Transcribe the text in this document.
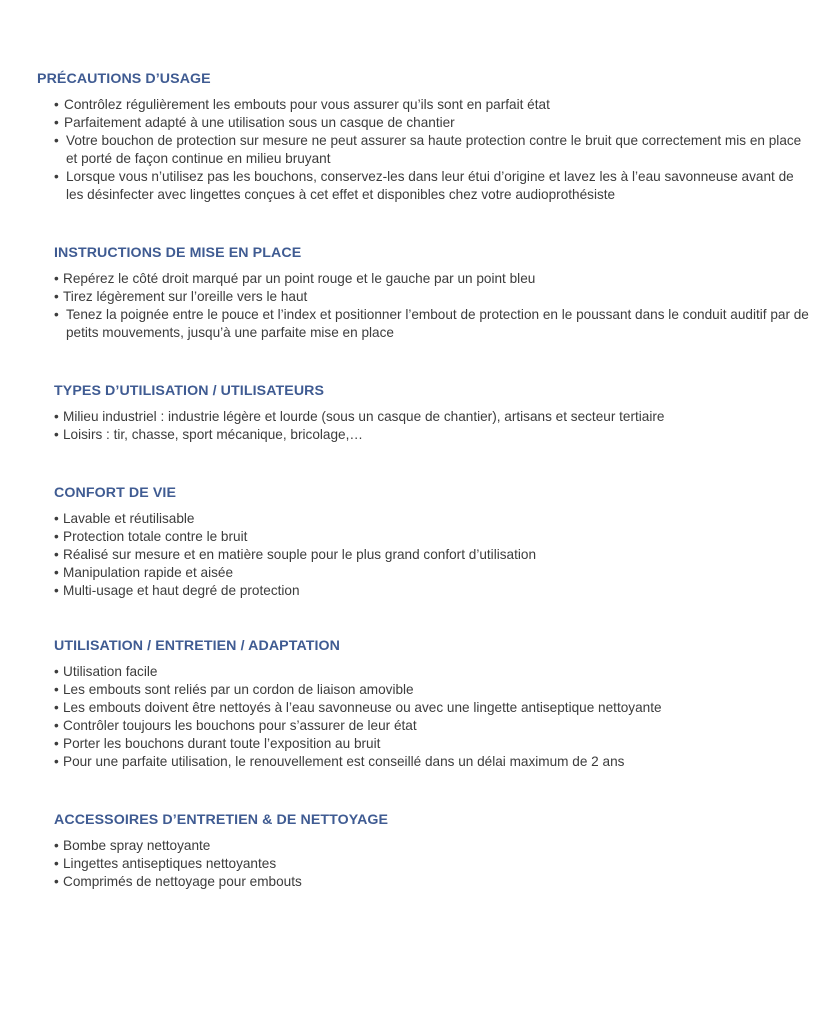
PRÉCAUTIONS D’USAGE
• Contrôlez régulièrement les embouts pour vous assurer qu’ils sont en parfait état
• Parfaitement adapté à une utilisation sous un casque de chantier
• Votre bouchon de protection sur mesure ne peut assurer sa haute protection contre le bruit que correctement mis en place et porté de façon continue en milieu bruyant
• Lorsque vous n’utilisez pas les bouchons, conservez-les dans leur étui d’origine et lavez les à l’eau savonneuse avant de les désinfecter avec lingettes conçues à cet effet et disponibles chez votre audioprothésiste
INSTRUCTIONS DE MISE EN PLACE
• Repérez le côté droit marqué par un point rouge et le gauche par un point bleu
• Tirez légèrement sur l’oreille vers le haut
• Tenez la poignée entre le pouce et l’index et positionner l’embout de protection en le poussant dans le conduit auditif par de petits mouvements, jusqu’à une parfaite mise en place
TYPES D’UTILISATION / UTILISATEURS
• Milieu industriel : industrie légère et lourde (sous un casque de chantier), artisans et secteur tertiaire
• Loisirs : tir, chasse, sport mécanique, bricolage,…
CONFORT DE VIE
• Lavable et réutilisable
• Protection totale contre le bruit
• Réalisé sur mesure et en matière souple pour le plus grand confort d’utilisation
• Manipulation rapide et aisée
• Multi-usage et haut degré de protection
UTILISATION / ENTRETIEN / ADAPTATION
• Utilisation facile
• Les embouts sont reliés par un cordon de liaison amovible
• Les embouts doivent être nettoyés à l’eau savonneuse ou avec une lingette antiseptique nettoyante
• Contrôler toujours les bouchons pour s’assurer de leur état
• Porter les bouchons durant toute l’exposition au bruit
• Pour une parfaite utilisation, le renouvellement est conseillé dans un délai maximum de 2 ans
ACCESSOIRES D’ENTRETIEN & DE NETTOYAGE
• Bombe spray nettoyante
• Lingettes antiseptiques nettoyantes
• Comprimés de nettoyage pour embouts
